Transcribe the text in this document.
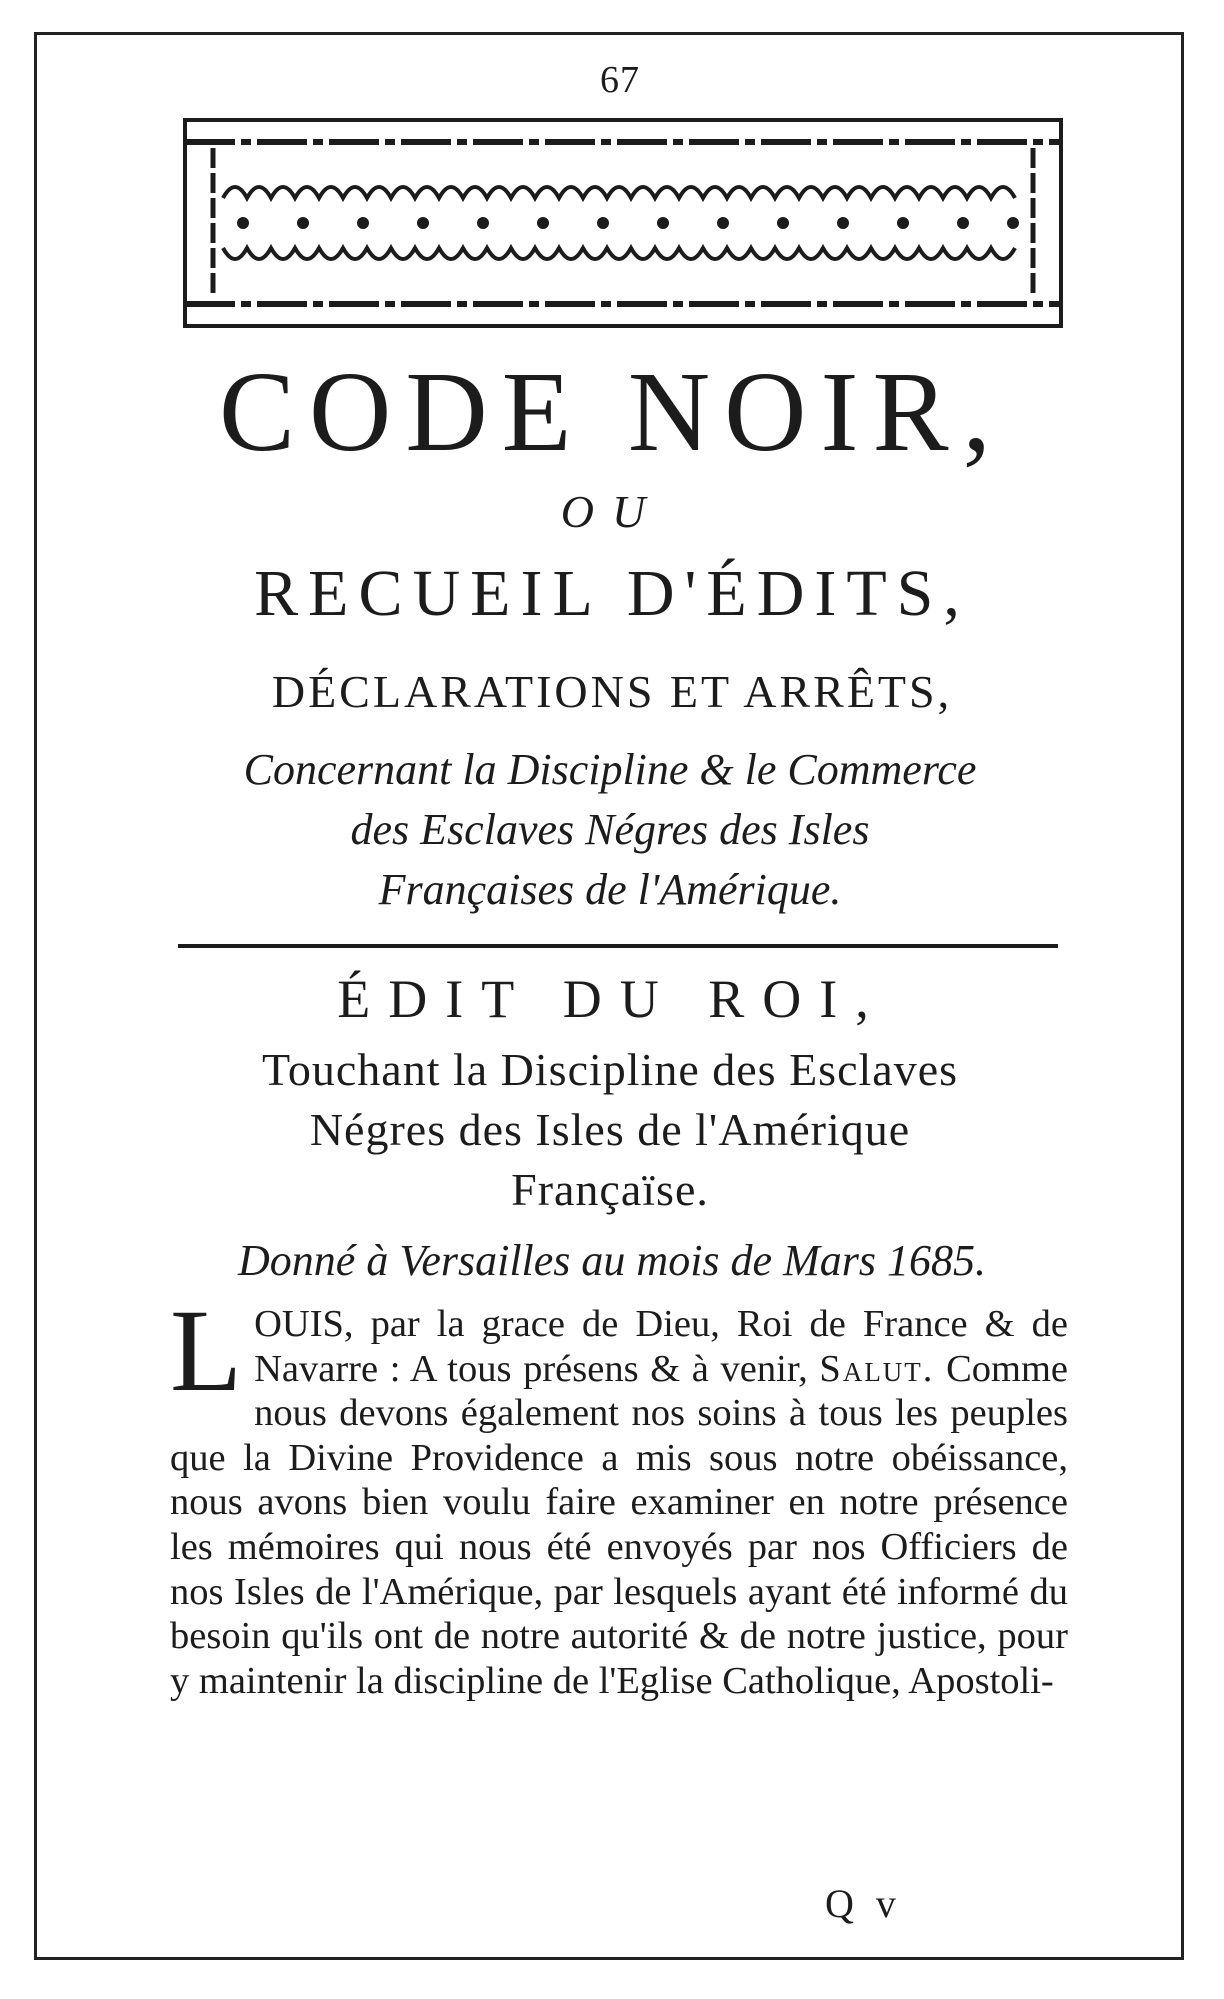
67
CODE NOIR,
OU
RECUEIL D'ÉDITS,
DÉCLARATIONS ET ARRÊTS,
Concernant la Discipline & le Commerce
des Esclaves Négres des Isles
Françaises de l'Amérique.
ÉDIT DU ROI,
Touchant la Discipline des Esclaves
Négres des Isles de l'Amérique
Françaïse.
Donné à Versailles au mois de Mars 1685.
L OUIS, par la grace de Dieu, Roi de France & de Navarre : A tous présens & à venir, Salut. Comme nous devons également nos soins à tous les peuples que la Divine Providence a mis sous notre obéissance, nous avons bien voulu faire examiner en notre présence les mémoires qui nous été envoyés par nos Officiers de nos Isles de l'Amérique, par lesquels ayant été informé du besoin qu'ils ont de notre autorité & de notre justice, pour y maintenir la discipline de l'Eglise Catholique, Apostoli-

Q v
